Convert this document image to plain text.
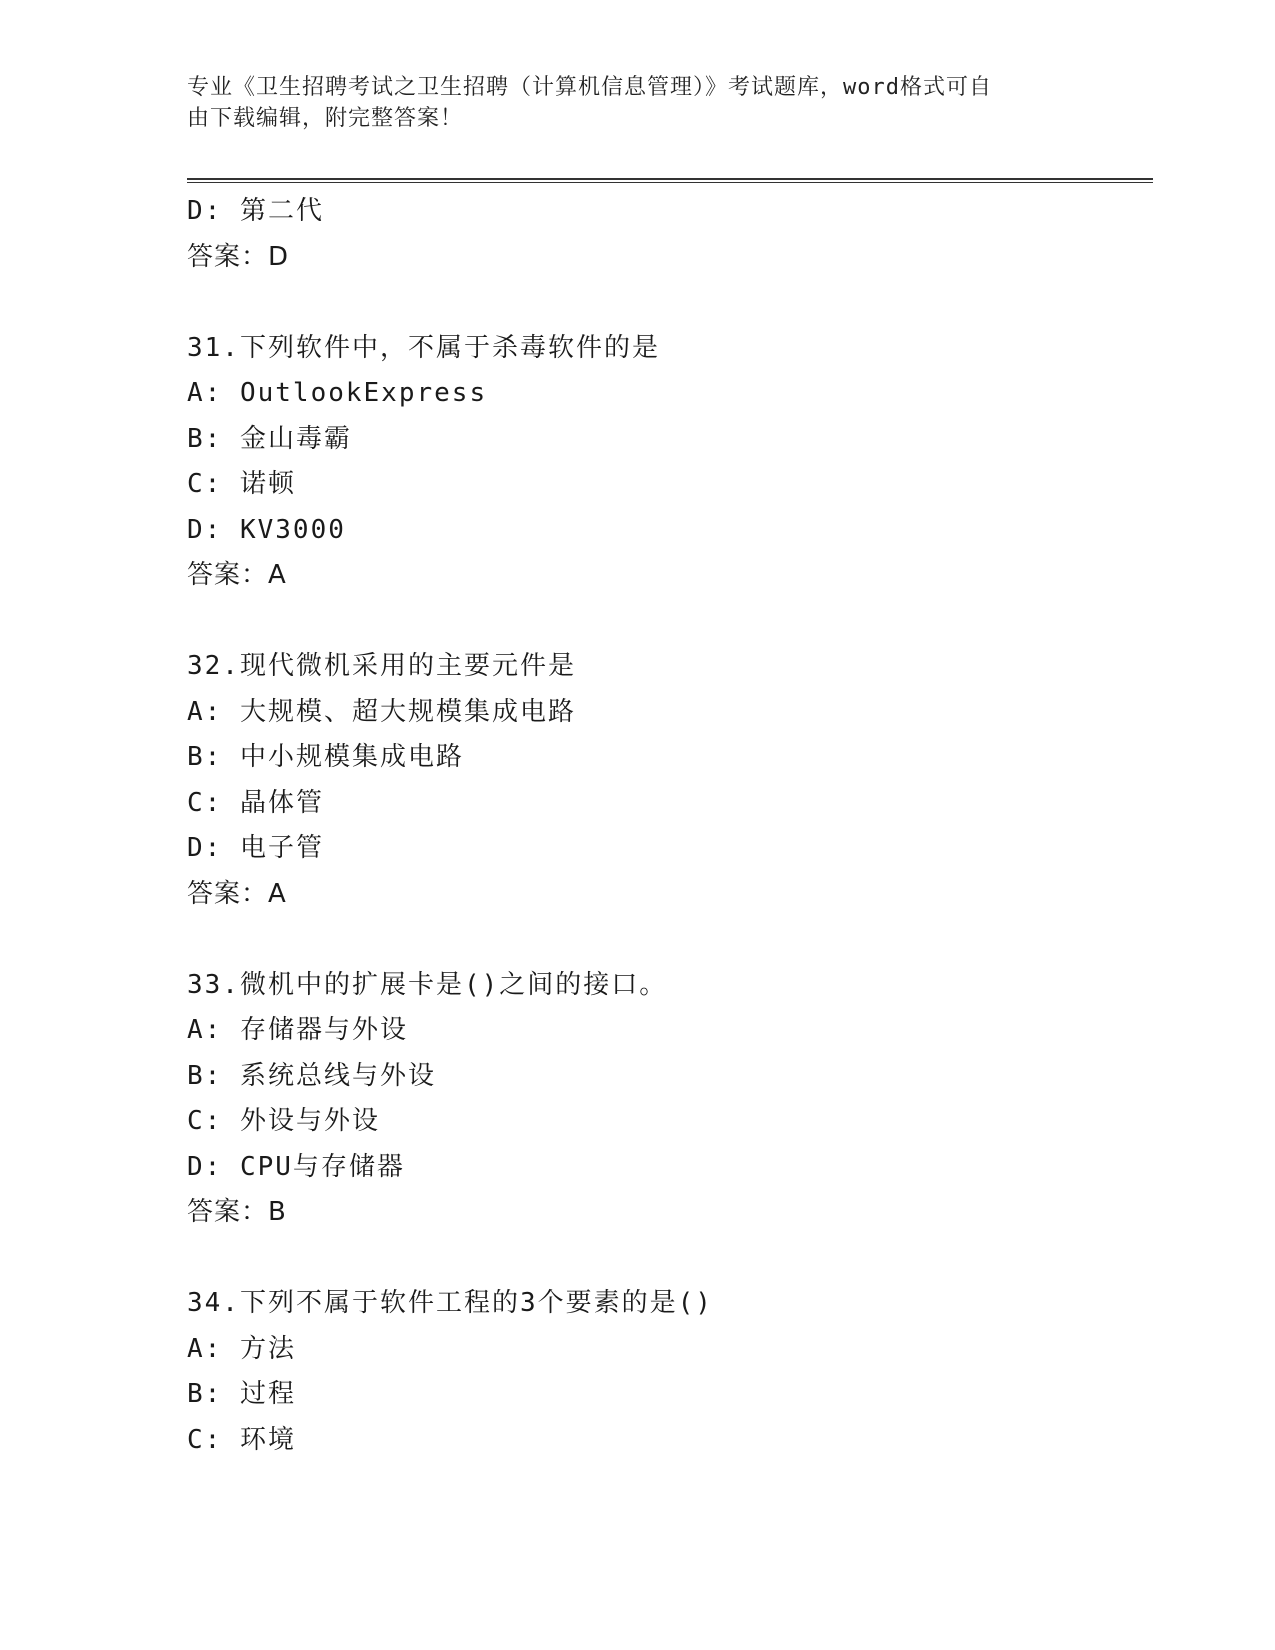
专业《卫生招聘考试之卫生招聘（计算机信息管理）》考试题库，word格式可自
由下载编辑，附完整答案！
D: 第二代
答案：D
31.下列软件中，不属于杀毒软件的是
A: OutlookExpress
B: 金山毒霸
C: 诺顿
D: KV3000
答案：A
32.现代微机采用的主要元件是
A: 大规模、超大规模集成电路
B: 中小规模集成电路
C: 晶体管
D: 电子管
答案：A
33.微机中的扩展卡是()之间的接口。
A: 存储器与外设
B: 系统总线与外设
C: 外设与外设
D: CPU与存储器
答案：B
34.下列不属于软件工程的3个要素的是()
A: 方法
B: 过程
C: 环境
